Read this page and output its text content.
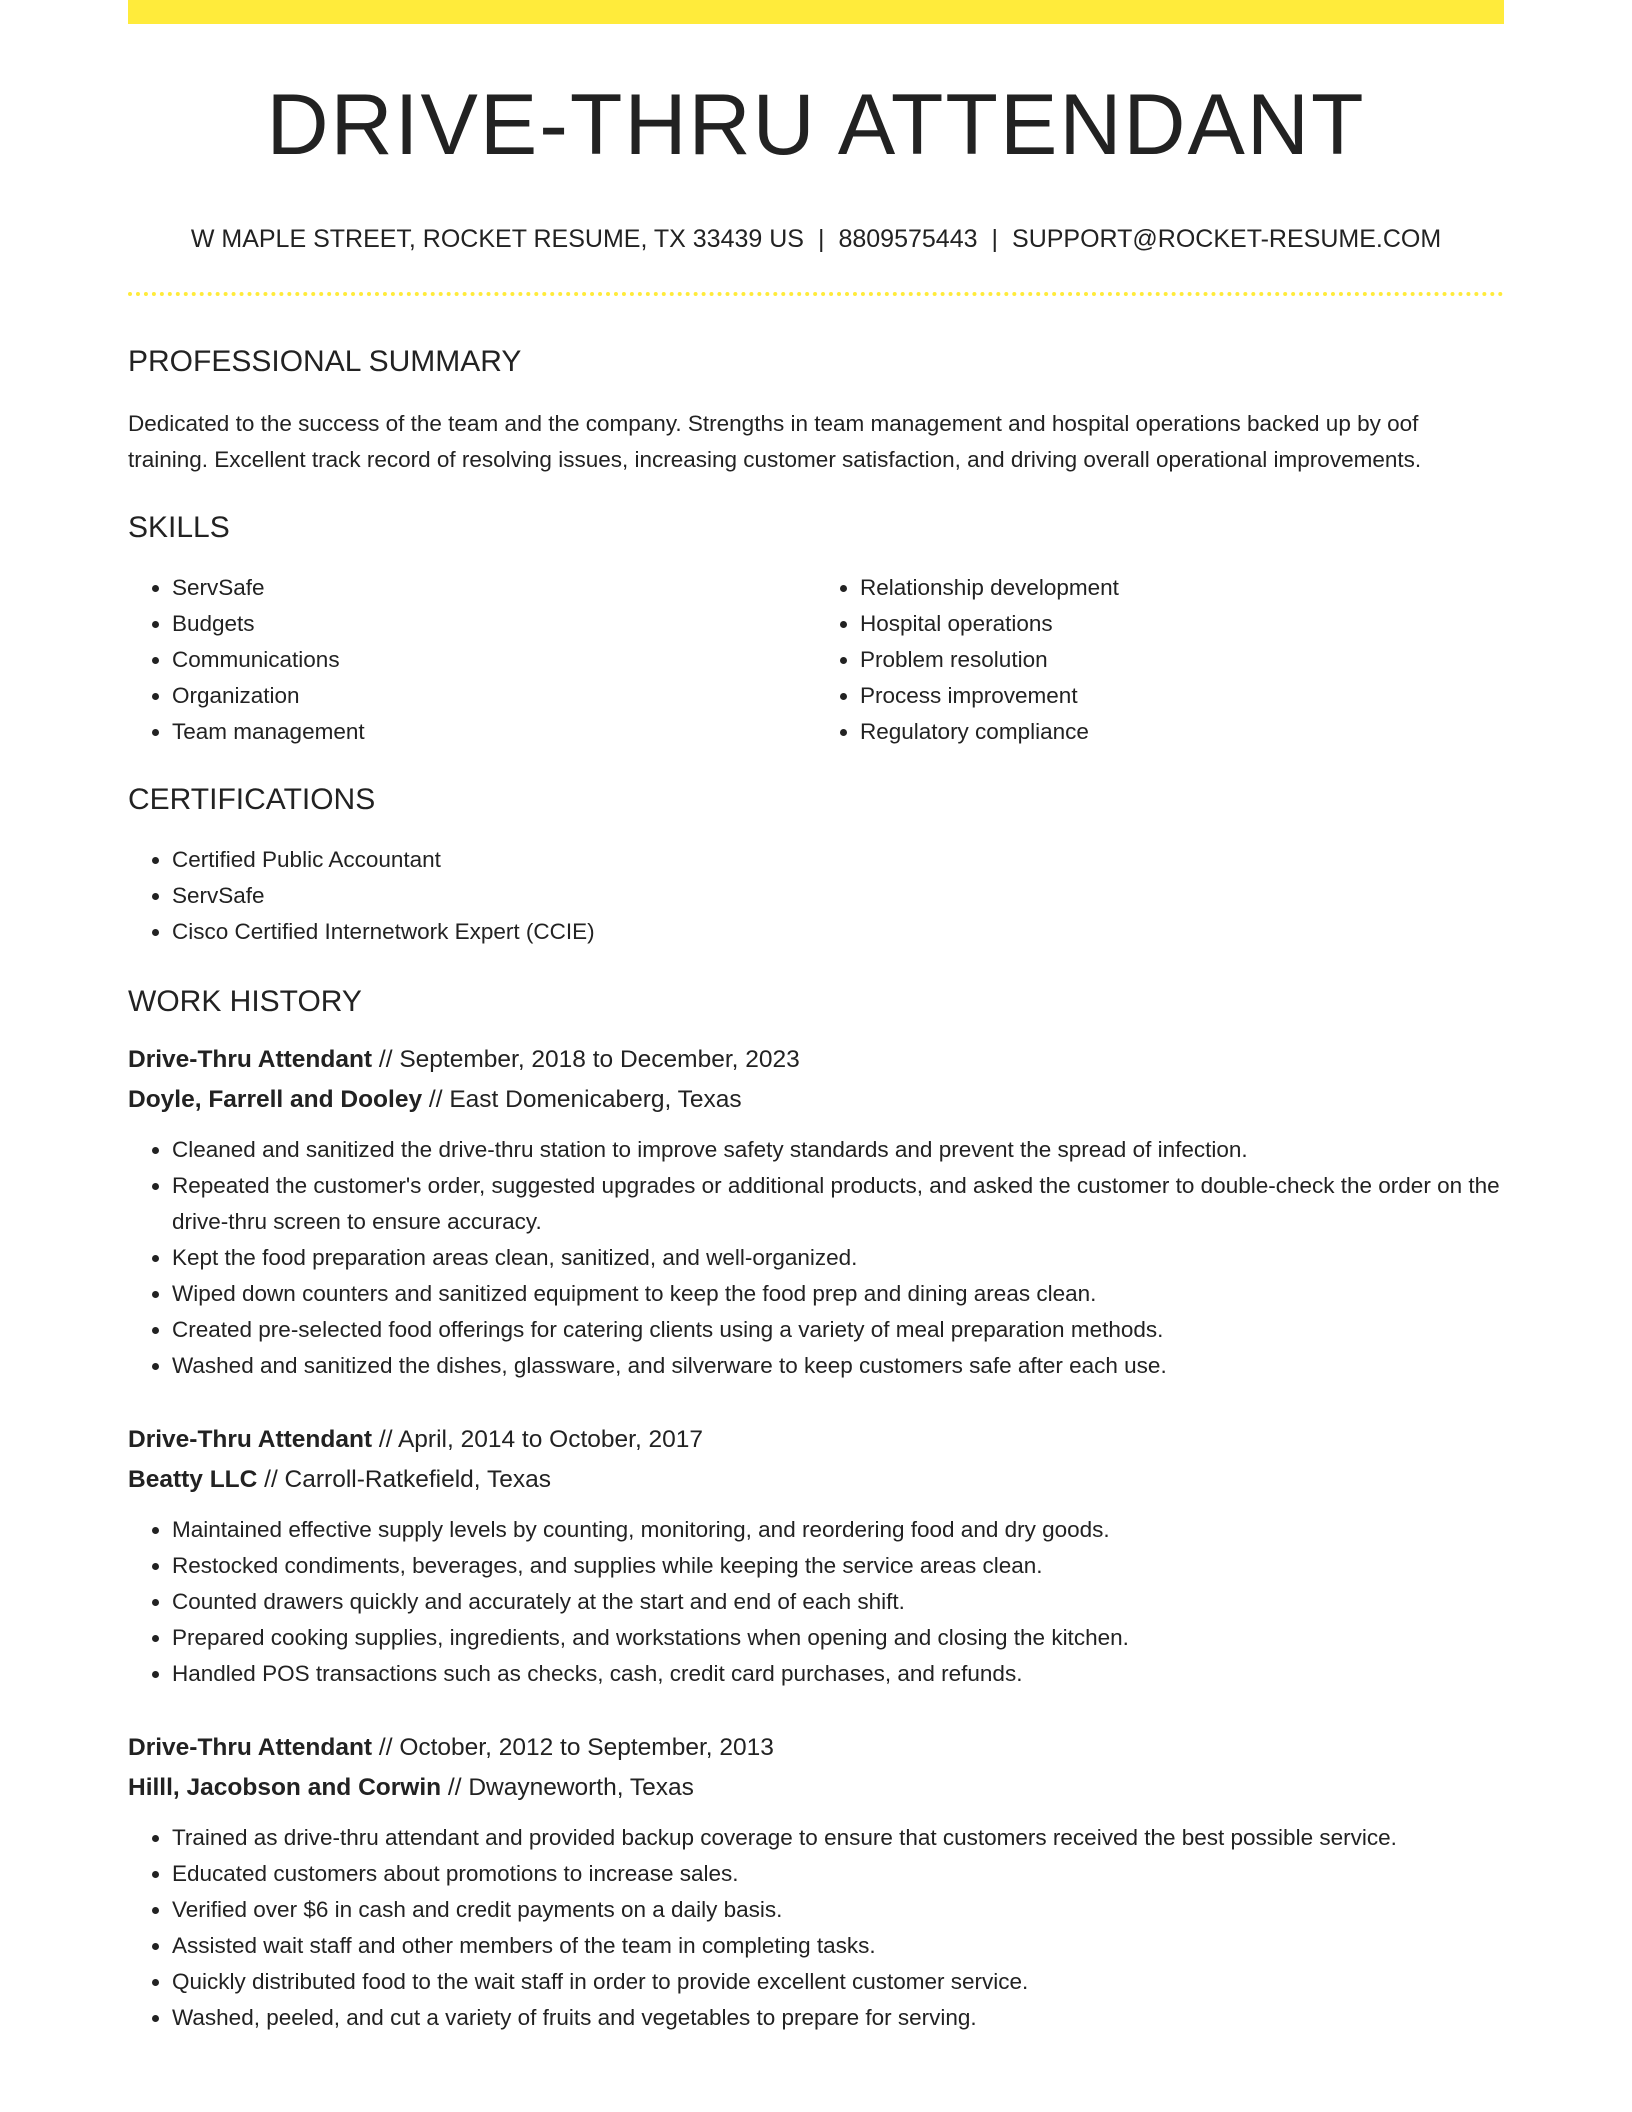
DRIVE-THRU ATTENDANT
W MAPLE STREET, ROCKET RESUME, TX 33439 US | 8809575443 | SUPPORT@ROCKET-RESUME.COM
PROFESSIONAL SUMMARY

Dedicated to the success of the team and the company. Strengths in team management and hospital operations backed up by oof training. Excellent track record of resolving issues, increasing customer satisfaction, and driving overall operational improvements.

SKILLS
• ServSafe
• Budgets
• Communications
• Organization
• Team management
• Relationship development
• Hospital operations
• Problem resolution
• Process improvement
• Regulatory compliance
CERTIFICATIONS
• Certified Public Accountant
• ServSafe
• Cisco Certified Internetwork Expert (CCIE)
WORK HISTORY
Drive-Thru Attendant // September, 2018 to December, 2023
Doyle, Farrell and Dooley // East Domenicaberg, Texas
• Cleaned and sanitized the drive-thru station to improve safety standards and prevent the spread of infection.
• Repeated the customer's order, suggested upgrades or additional products, and asked the customer to double-check the order on the drive-thru screen to ensure accuracy.
• Kept the food preparation areas clean, sanitized, and well-organized.
• Wiped down counters and sanitized equipment to keep the food prep and dining areas clean.
• Created pre-selected food offerings for catering clients using a variety of meal preparation methods.
• Washed and sanitized the dishes, glassware, and silverware to keep customers safe after each use.
Drive-Thru Attendant // April, 2014 to October, 2017
Beatty LLC // Carroll-Ratkefield, Texas
• Maintained effective supply levels by counting, monitoring, and reordering food and dry goods.
• Restocked condiments, beverages, and supplies while keeping the service areas clean.
• Counted drawers quickly and accurately at the start and end of each shift.
• Prepared cooking supplies, ingredients, and workstations when opening and closing the kitchen.
• Handled POS transactions such as checks, cash, credit card purchases, and refunds.
Drive-Thru Attendant // October, 2012 to September, 2013
Hilll, Jacobson and Corwin // Dwayneworth, Texas
• Trained as drive-thru attendant and provided backup coverage to ensure that customers received the best possible service.
• Educated customers about promotions to increase sales.
• Verified over $6 in cash and credit payments on a daily basis.
• Assisted wait staff and other members of the team in completing tasks.
• Quickly distributed food to the wait staff in order to provide excellent customer service.
• Washed, peeled, and cut a variety of fruits and vegetables to prepare for serving.
